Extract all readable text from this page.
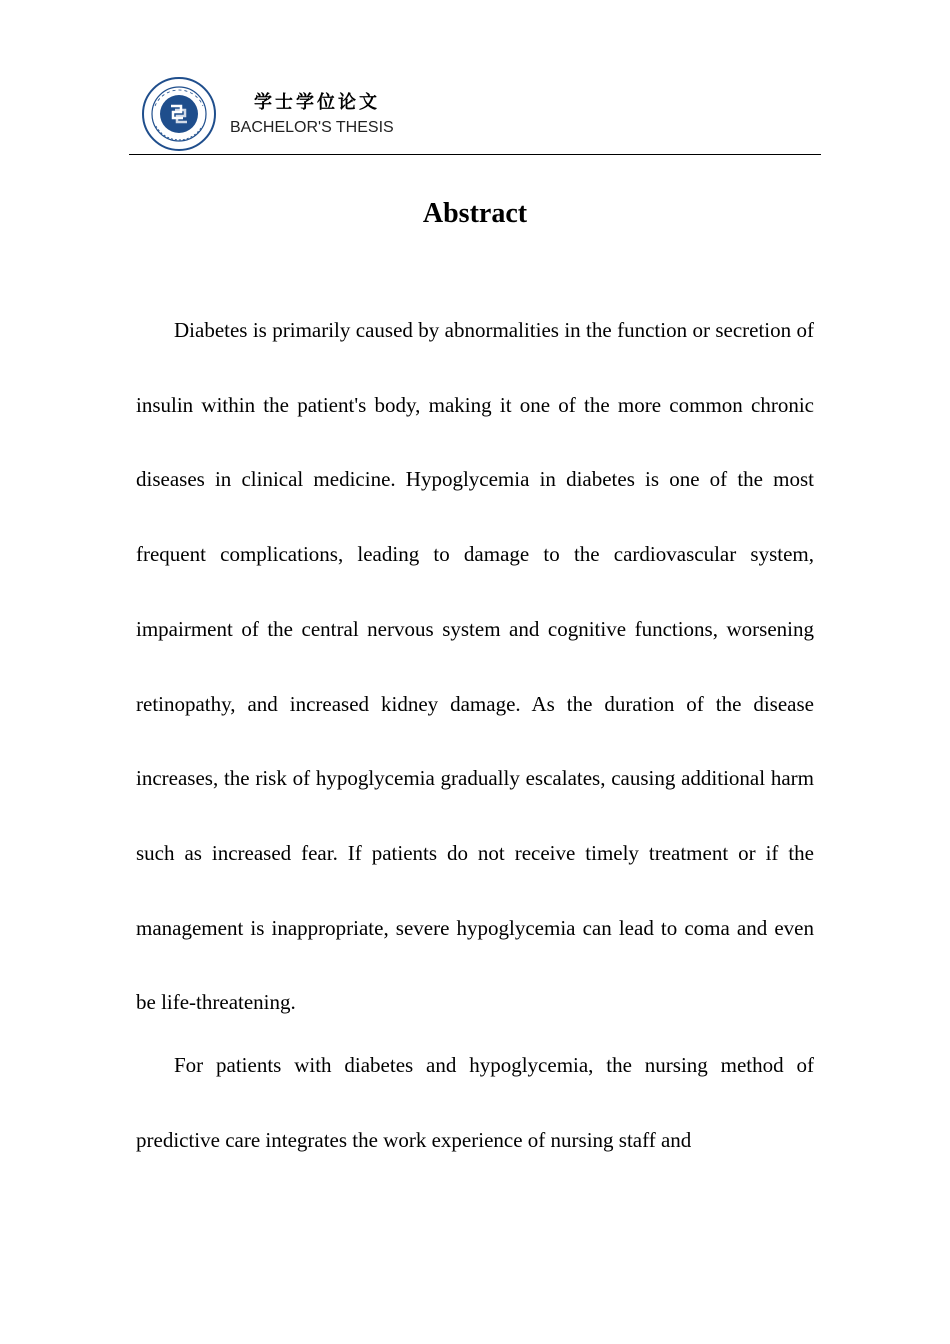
学士学位论文
BACHELOR'S THESIS
Abstract

Diabetes is primarily caused by abnormalities in the function or secretion of insulin within the patient's body, making it one of the more common chronic diseases in clinical medicine. Hypoglycemia in diabetes is one of the most frequent complications, leading to damage to the cardiovascular system, impairment of the central nervous system and cognitive functions, worsening retinopathy, and increased kidney damage. As the duration of the disease increases, the risk of hypoglycemia gradually escalates, causing additional harm such as increased fear. If patients do not receive timely treatment or if the management is inappropriate, severe hypoglycemia can lead to coma and even be life-threatening.

For patients with diabetes and hypoglycemia, the nursing method of predictive care integrates the work experience of nursing staff and
